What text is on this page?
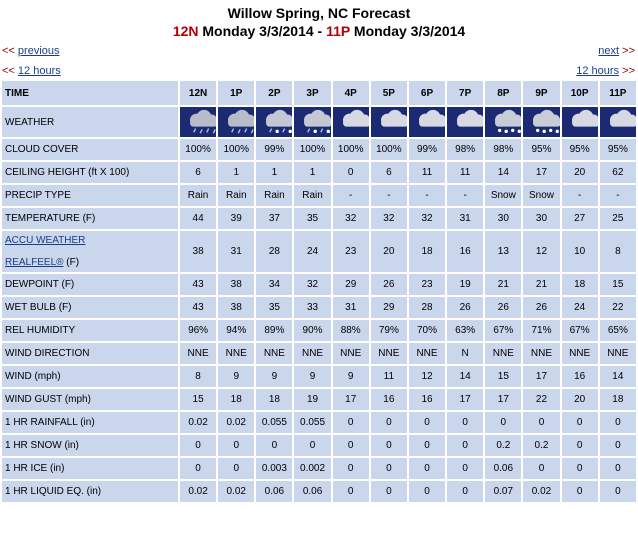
Willow Spring, NC Forecast
12N Monday 3/3/2014 - 11P Monday 3/3/2014
<< previous	next >>
<< 12 hours	12 hours >>
TIME	12N	1P	2P	3P	4P	5P	6P	7P	8P	9P	10P	11P
WEATHER	

CLOUD COVER	100%	100%	99%	100%	100%	100%	99%	98%	98%	95%	95%	95%
CEILING HEIGHT (ft X 100)	6	1	1	1	0	6	11	11	14	17	20	62
PRECIP TYPE	Rain	Rain	Rain	Rain	-	-	-	-	Snow	Snow	-	-
TEMPERATURE (F)	44	39	37	35	32	32	32	31	30	30	27	25
ACCU WEATHER

REALFEEL® (F)	38	31	28	24	23	20	18	16	13	12	10	8
DEWPOINT (F)	43	38	34	32	29	26	23	19	21	21	18	15
WET BULB (F)	43	38	35	33	31	29	28	26	26	26	24	22
REL HUMIDITY	96%	94%	89%	90%	88%	79%	70%	63%	67%	71%	67%	65%
WIND DIRECTION	NNE	NNE	NNE	NNE	NNE	NNE	NNE	N	NNE	NNE	NNE	NNE
WIND (mph)	8	9	9	9	9	11	12	14	15	17	16	14
WIND GUST (mph)	15	18	18	19	17	16	16	17	17	22	20	18
1 HR RAINFALL (in)	0.02	0.02	0.055	0.055	0	0	0	0	0	0	0	0
1 HR SNOW (in)	0	0	0	0	0	0	0	0	0.2	0.2	0	0
1 HR ICE (in)	0	0	0.003	0.002	0	0	0	0	0.06	0	0	0
1 HR LIQUID EQ. (in)	0.02	0.02	0.06	0.06	0	0	0	0	0.07	0.02	0	0
